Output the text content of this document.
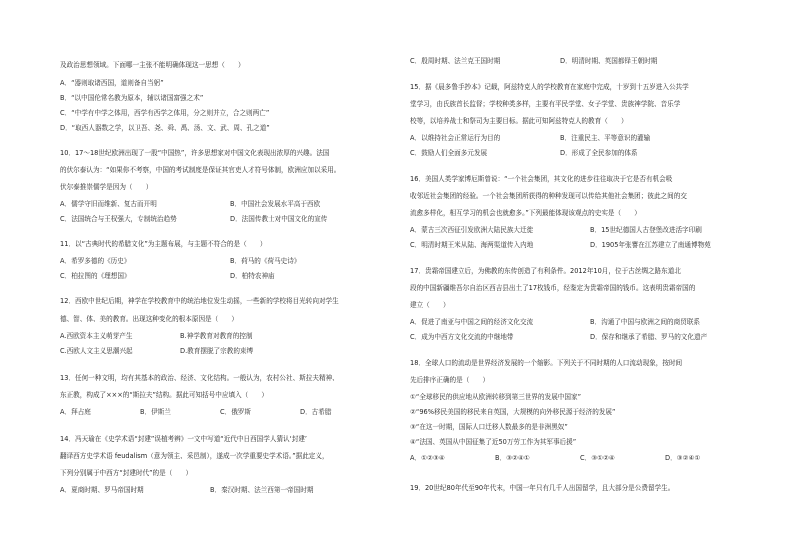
及政治思想领域。下面哪一主张不能明确体现这一思想（　　）
A．“器则取诸西国，道则备自当躬”
B．“以中国伦常名教为原本，辅以诸国富强之术”
C．“中学有中学之体用，西学有西学之体用，分之则并立，合之则两亡”
D．“取西人器数之学，以卫吾、尧、舜、禹、汤、文、武、周、孔之道”
10．17～18世纪欧洲出现了一股“中国热”，许多思想家对中国文化表现出浓厚的兴趣。法国
的伏尔泰认为：“如果你不考察，中国的考试制度是保证其官吏人才符号体制，欧洲应加以采用。
伏尔泰推崇儒学是因为（　　）
A．儒学守旧而维新、复古而开明	B．中国社会发展水平高于西欧
C．法国统合与王权强大，专制统治趋势	D．法国传教士对中国文化的宣传
11．以“古典时代的希腊文化”为主题布展，与主题不符合的是（　　）
A．希罗多德的《历史》	B．荷马的《荷马史诗》
C．柏拉图的《理想国》	D．柏特农神庙
12．西欧中世纪后期，神学在学校教育中的统治地位发生动摇，一些新的学校将目光转向对学生
德、智、体、美的教育。出现这种变化的根本原因是（　　）
A.西欧资本主义萌芽产生	B.神学教育对教育的控制
C.西欧人文主义思潮兴起	D.教育摆脱了宗教的束缚
13．任何一种文明，均有其基本的政治、经济、文化结构。一般认为，农村公社、斯拉夫精神、
东正教，构成了×××的“斯拉夫”结构。据此可知括号中应填入（　　）
A．拜占庭	B．伊斯兰	C．俄罗斯	D．古希腊
14．冯天瑜在《史学术语“封建”误植考辨》一文中写道“近代中日西国学人猜认‘封建’
翻译西方史学术语 feudalism（意为领主、采邑制），遂成一次学重要史学术语。”据此定义，
下列分别属于中西方“封建时代”的是（　　）
A．夏商时期、罗马帝国时期	B．秦汉时期、法兰西第一帝国时期
C．殷周时期、法兰克王国时期	D．明清时期、英国都铎王朝时期
15．据《晨多鲁手抄本》记载，阿兹特克人的学校教育在家庭中完成，十岁到十五岁进入公共学
堂学习，由氏族首长监督；学校种类多样，主要有平民学堂、女子学堂、贵族神学院、音乐学
校等，以培养战士和祭司为主要目标。据此可知阿兹特克人的教育（　　）
A．以维持社会正常运行为目的	B．注重民主、平等意识的灌输
C．鼓励人们全面多元发展	D．形成了全民参加的体系
16．美国人类学家博厄斯曾说：“一个社会集团，其文化的进步往往取决于它是否有机会吸
收邻近社会集团的经验。一个社会集团所获得的种种发现可以传给其他社会集团；彼此之间的交
流愈多样化，相互学习的机会也就愈多。”下列最能体现该观点的史实是（　　）
A．蒙古三次西征引发欧洲大陆民族大迁徙	B．15世纪德国人古登堡改进活字印刷
C．明清时期王米从陆、海两渠道传入内地	D．1905年张謇在江苏建立了南通博物苑
17．贵霜帝国建立后，为佛教的东传创造了有利条件。2012年10月，位于古丝绸之路东道北
段的中国新疆维吾尔自治区西吉县出土了17枚钱币，经鉴定为贵霜帝国的钱币。这表明贵霜帝国的
建立（　　）
A．促进了南亚与中国之间的经济文化交流	B．沟通了中国与欧洲之间的商贸联系
C．成为中西方文化交流的中继地带	D．保存和继承了希腊、罗马的文化遗产
18．全球人口的流动是世界经济发展的一个缩影。下列关于不同时期的人口流动现象，按时间
先后排序正确的是（　　）
①“全球移民的供应地从欧洲转移到第三世界的发展中国家”
②“96%移民美国的移民来自英国，大规模的向外移民源于经济的发展”
③“在这一时期，国际人口迁移人数最多的是非洲黑奴”
④“法国、英国从中国征集了近50万劳工作为其军事后援”
A．①②③④	B．③②④①	C．③①②④	D．③②④①
19．20世纪80年代至90年代末，中国一年只有几千人出国留学，且大部分是公费留学生。
